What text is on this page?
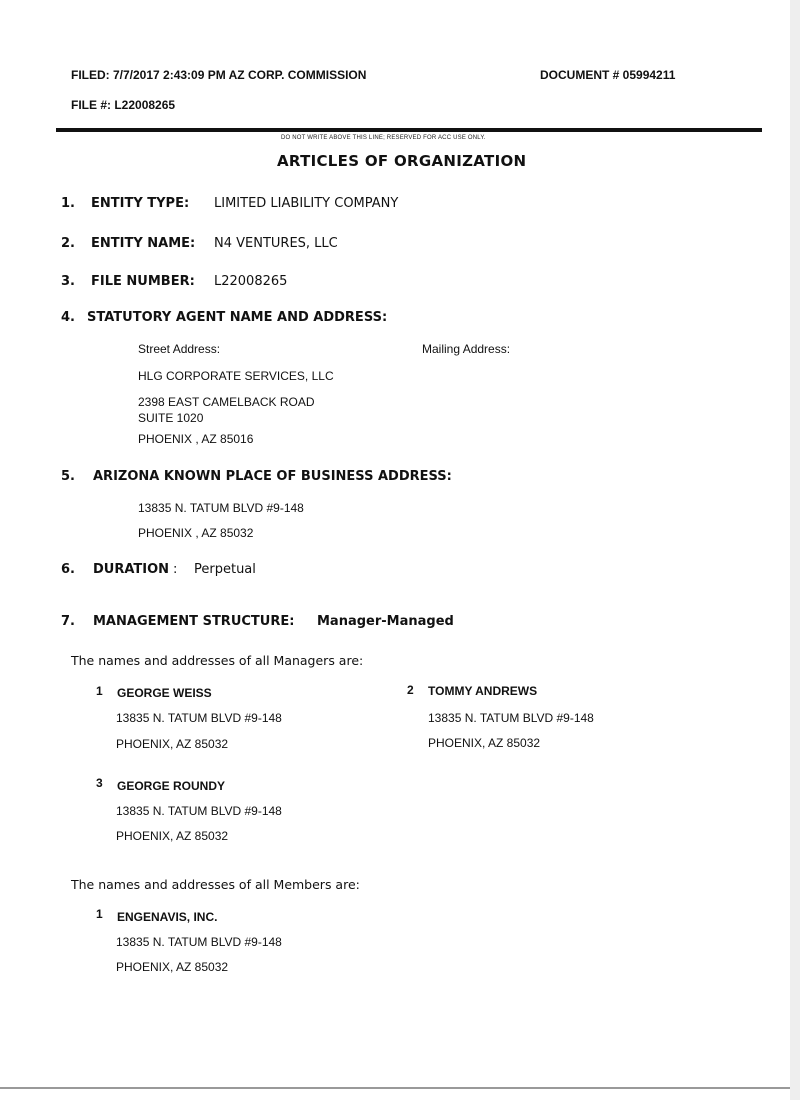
FILED: 7/7/2017 2:43:09 PM AZ CORP. COMMISSION	DOCUMENT # 05994211
FILE #: L22008265
DO NOT WRITE ABOVE THIS LINE; RESERVED FOR ACC USE ONLY.
ARTICLES OF ORGANIZATION
1. ENTITY TYPE: LIMITED LIABILITY COMPANY
2. ENTITY NAME: N4 VENTURES, LLC
3. FILE NUMBER: L22008265
4. STATUTORY AGENT NAME AND ADDRESS:
Street Address:	Mailing Address:
HLG CORPORATE SERVICES, LLC
2398 EAST CAMELBACK ROAD
SUITE 1020
PHOENIX , AZ 85016
5. ARIZONA KNOWN PLACE OF BUSINESS ADDRESS:
13835 N. TATUM BLVD #9-148
PHOENIX , AZ 85032
6. DURATION : Perpetual
7. MANAGEMENT STRUCTURE: Manager-Managed
The names and addresses of all Managers are:
1 GEORGE WEISS
13835 N. TATUM BLVD #9-148
PHOENIX, AZ 85032
2 TOMMY ANDREWS
13835 N. TATUM BLVD #9-148
PHOENIX, AZ 85032
3 GEORGE ROUNDY
13835 N. TATUM BLVD #9-148
PHOENIX, AZ 85032
The names and addresses of all Members are:
1 ENGENAVIS, INC.
13835 N. TATUM BLVD #9-148
PHOENIX, AZ 85032
